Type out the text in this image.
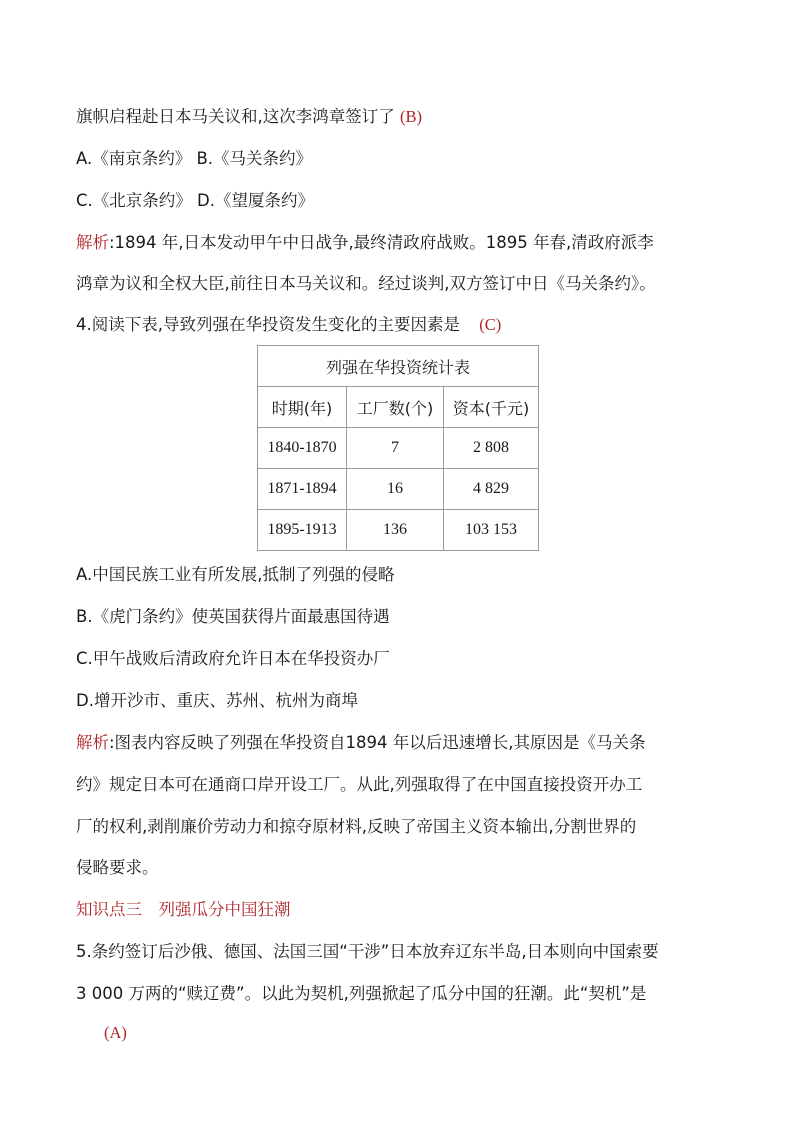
旗帜启程赴日本马关议和,这次李鸿章签订了 (B)
A.《南京条约》 B.《马关条约》
C.《北京条约》 D.《望厦条约》
解析:1894 年,日本发动甲午中日战争,最终清政府战败。1895 年春,清政府派李
鸿章为议和全权大臣,前往日本马关议和。经过谈判,双方签订中日《马关条约》。
4.阅读下表,导致列强在华投资发生变化的主要因素是 (C)
列强在华投资统计表		
时期(年)	工厂数(个)	资本(千元)
1840-1870	7	2 808
1871-1894	16	4 829
1895-1913	136	103 153
A.中国民族工业有所发展,抵制了列强的侵略
B.《虎门条约》使英国获得片面最惠国待遇
C.甲午战败后清政府允许日本在华投资办厂
D.增开沙市、重庆、苏州、杭州为商埠
解析:图表内容反映了列强在华投资自1894 年以后迅速增长,其原因是《马关条
约》规定日本可在通商口岸开设工厂。从此,列强取得了在中国直接投资开办工
厂的权利,剥削廉价劳动力和掠夺原材料,反映了帝国主义资本输出,分割世界的
侵略要求。
知识点三　列强瓜分中国狂潮
5.条约签订后沙俄、德国、法国三国“干涉”日本放弃辽东半岛,日本则向中国索要
3 000 万两的“赎辽费”。以此为契机,列强掀起了瓜分中国的狂潮。此“契机”是
(A)
